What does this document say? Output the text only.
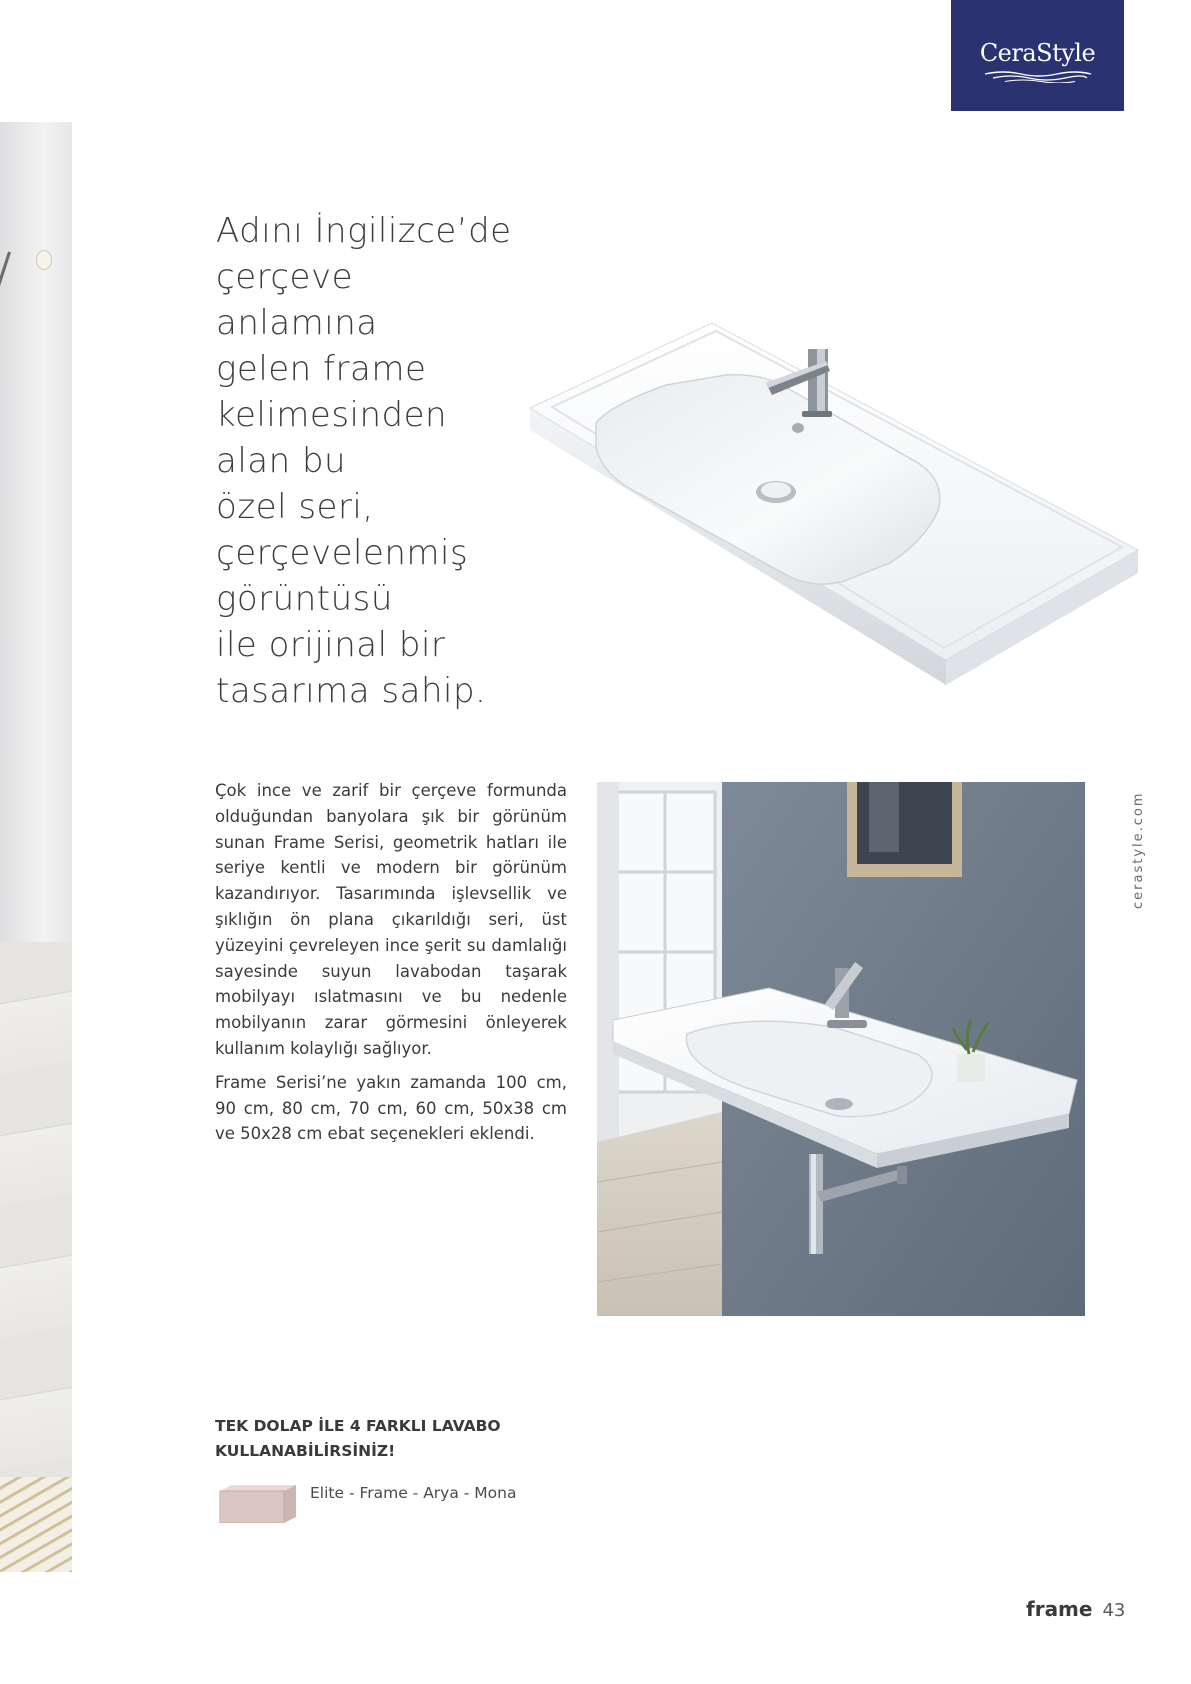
CeraStyle
Adını İngilizce’de
çerçeve
anlamına
gelen frame
kelimesinden
alan bu
özel seri,
çerçevelenmiş
görüntüsü
ile orijinal bir
tasarıma sahip.

Çok ince ve zarif bir çerçeve formunda olduğundan banyolara şık bir görünüm sunan Frame Serisi, geometrik hatları ile seriye kentli ve modern bir görünüm kazandırıyor. Tasarımında işlevsellik ve şıklığın ön plana çıkarıldığı seri, üst yüzeyini çevreleyen ince şerit su damlalığı sayesinde suyun lavabodan taşarak mobilyayı ıslatmasını ve bu nedenle mobilyanın zarar görmesini önleyerek kullanım kolaylığı sağlıyor.

Frame Serisi’ne yakın zamanda 100 cm, 90 cm, 80 cm, 70 cm, 60 cm, 50x38 cm ve 50x28 cm ebat seçenekleri eklendi.

cerastyle.com
TEK DOLAP İLE 4 FARKLI LAVABO
KULLANABİLİRSİNİZ!
Elite - Frame - Arya - Mona
frame 43
